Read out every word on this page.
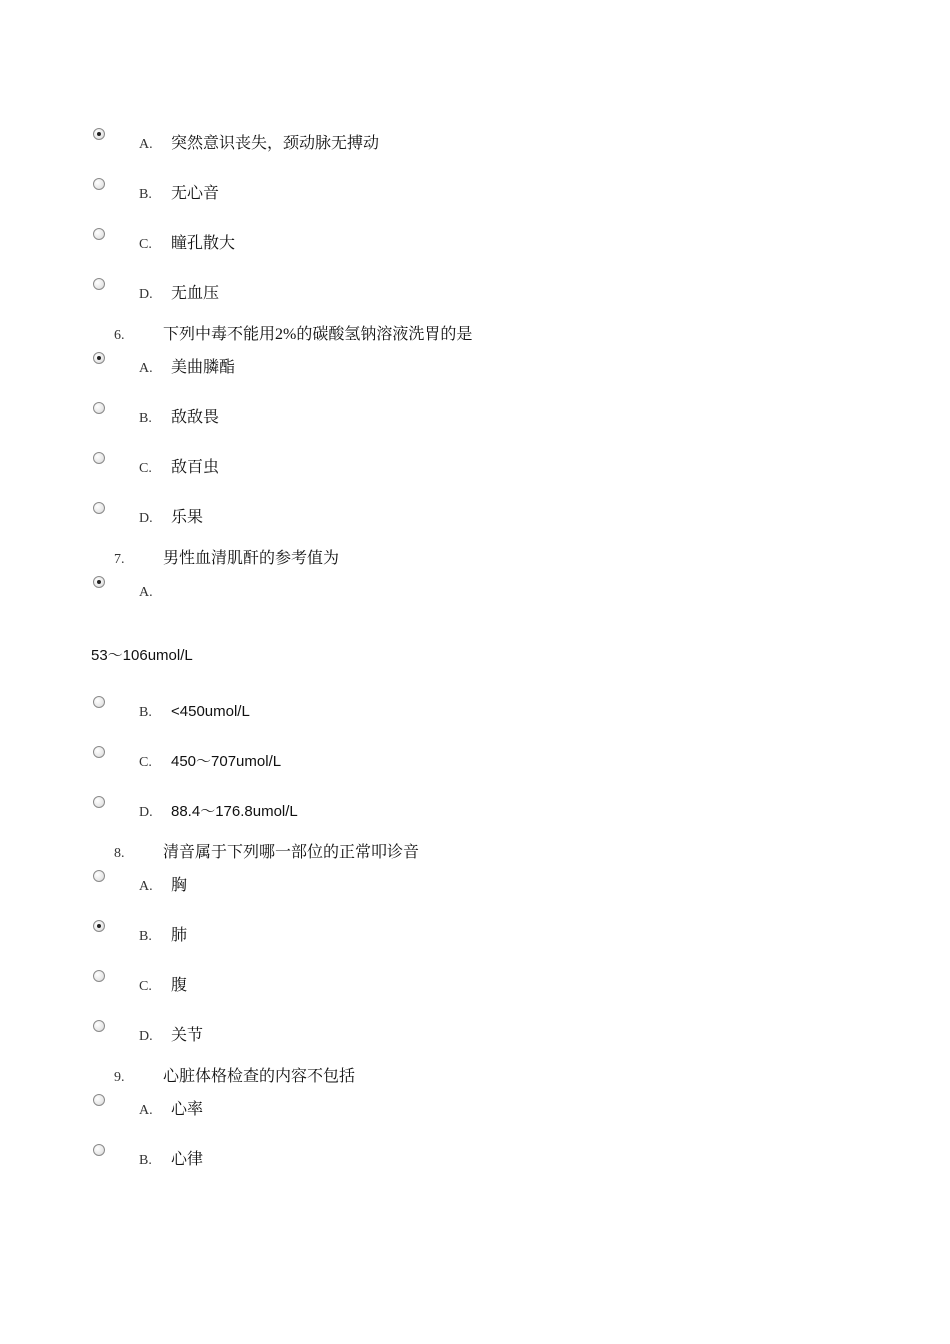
A. 突然意识丧失，颈动脉无搏动
B. 无心音
C. 瞳孔散大
D. 无血压
6. 下列中毒不能用2%的碳酸氢钠溶液洗胃的是
A. 美曲膦酯
B. 敌敌畏
C. 敌百虫
D. 乐果
7. 男性血清肌酐的参考值为
A.
53～106umol/L
B. <450umol/L
C. 450～707umol/L
D. 88.4～176.8umol/L
8. 清音属于下列哪一部位的正常叩诊音
A. 胸
B. 肺
C. 腹
D. 关节
9. 心脏体格检查的内容不包括
A. 心率
B. 心律
